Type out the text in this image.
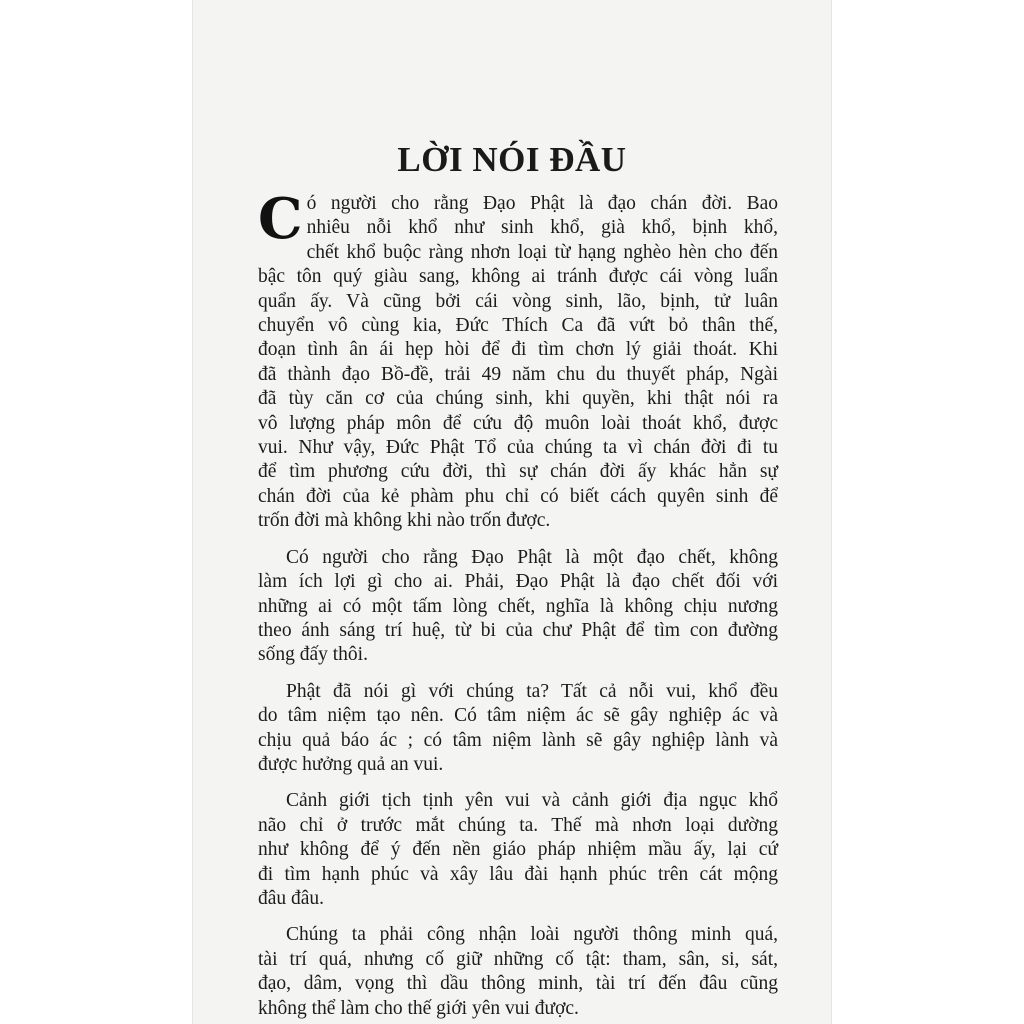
LỜI NÓI ĐẦU

C ó người cho rằng Đạo Phật là đạo chán đời. Bao
nhiêu nỗi khổ như sinh khổ, già khổ, bịnh khổ,
chết khổ buộc ràng nhơn loại từ hạng nghèo hèn cho đến
bậc tôn quý giàu sang, không ai tránh được cái vòng luẩn
quẩn ấy. Và cũng bởi cái vòng sinh, lão, bịnh, tử luân
chuyển vô cùng kia, Đức Thích Ca đã vứt bỏ thân thế,
đoạn tình ân ái hẹp hòi để đi tìm chơn lý giải thoát. Khi
đã thành đạo Bồ-đề, trải 49 năm chu du thuyết pháp, Ngài
đã tùy căn cơ của chúng sinh, khi quyền, khi thật nói ra
vô lượng pháp môn để cứu độ muôn loài thoát khổ, được
vui. Như vậy, Đức Phật Tổ của chúng ta vì chán đời đi tu
để tìm phương cứu đời, thì sự chán đời ấy khác hẳn sự
chán đời của kẻ phàm phu chỉ có biết cách quyên sinh để
trốn đời mà không khi nào trốn được.

Có người cho rằng Đạo Phật là một đạo chết, không
làm ích lợi gì cho ai. Phải, Đạo Phật là đạo chết đối với
những ai có một tấm lòng chết, nghĩa là không chịu nương
theo ánh sáng trí huệ, từ bi của chư Phật để tìm con đường
sống đấy thôi.

Phật đã nói gì với chúng ta? Tất cả nỗi vui, khổ đều
do tâm niệm tạo nên. Có tâm niệm ác sẽ gây nghiệp ác và
chịu quả báo ác ; có tâm niệm lành sẽ gây nghiệp lành và
được hưởng quả an vui.

Cảnh giới tịch tịnh yên vui và cảnh giới địa ngục khổ
não chỉ ở trước mắt chúng ta. Thế mà nhơn loại dường
như không để ý đến nền giáo pháp nhiệm mầu ấy, lại cứ
đi tìm hạnh phúc và xây lâu đài hạnh phúc trên cát mộng
đâu đâu.

Chúng ta phải công nhận loài người thông minh quá,
tài trí quá, nhưng cố giữ những cố tật: tham, sân, si, sát,
đạo, dâm, vọng thì dầu thông minh, tài trí đến đâu cũng
không thể làm cho thế giới yên vui được.
